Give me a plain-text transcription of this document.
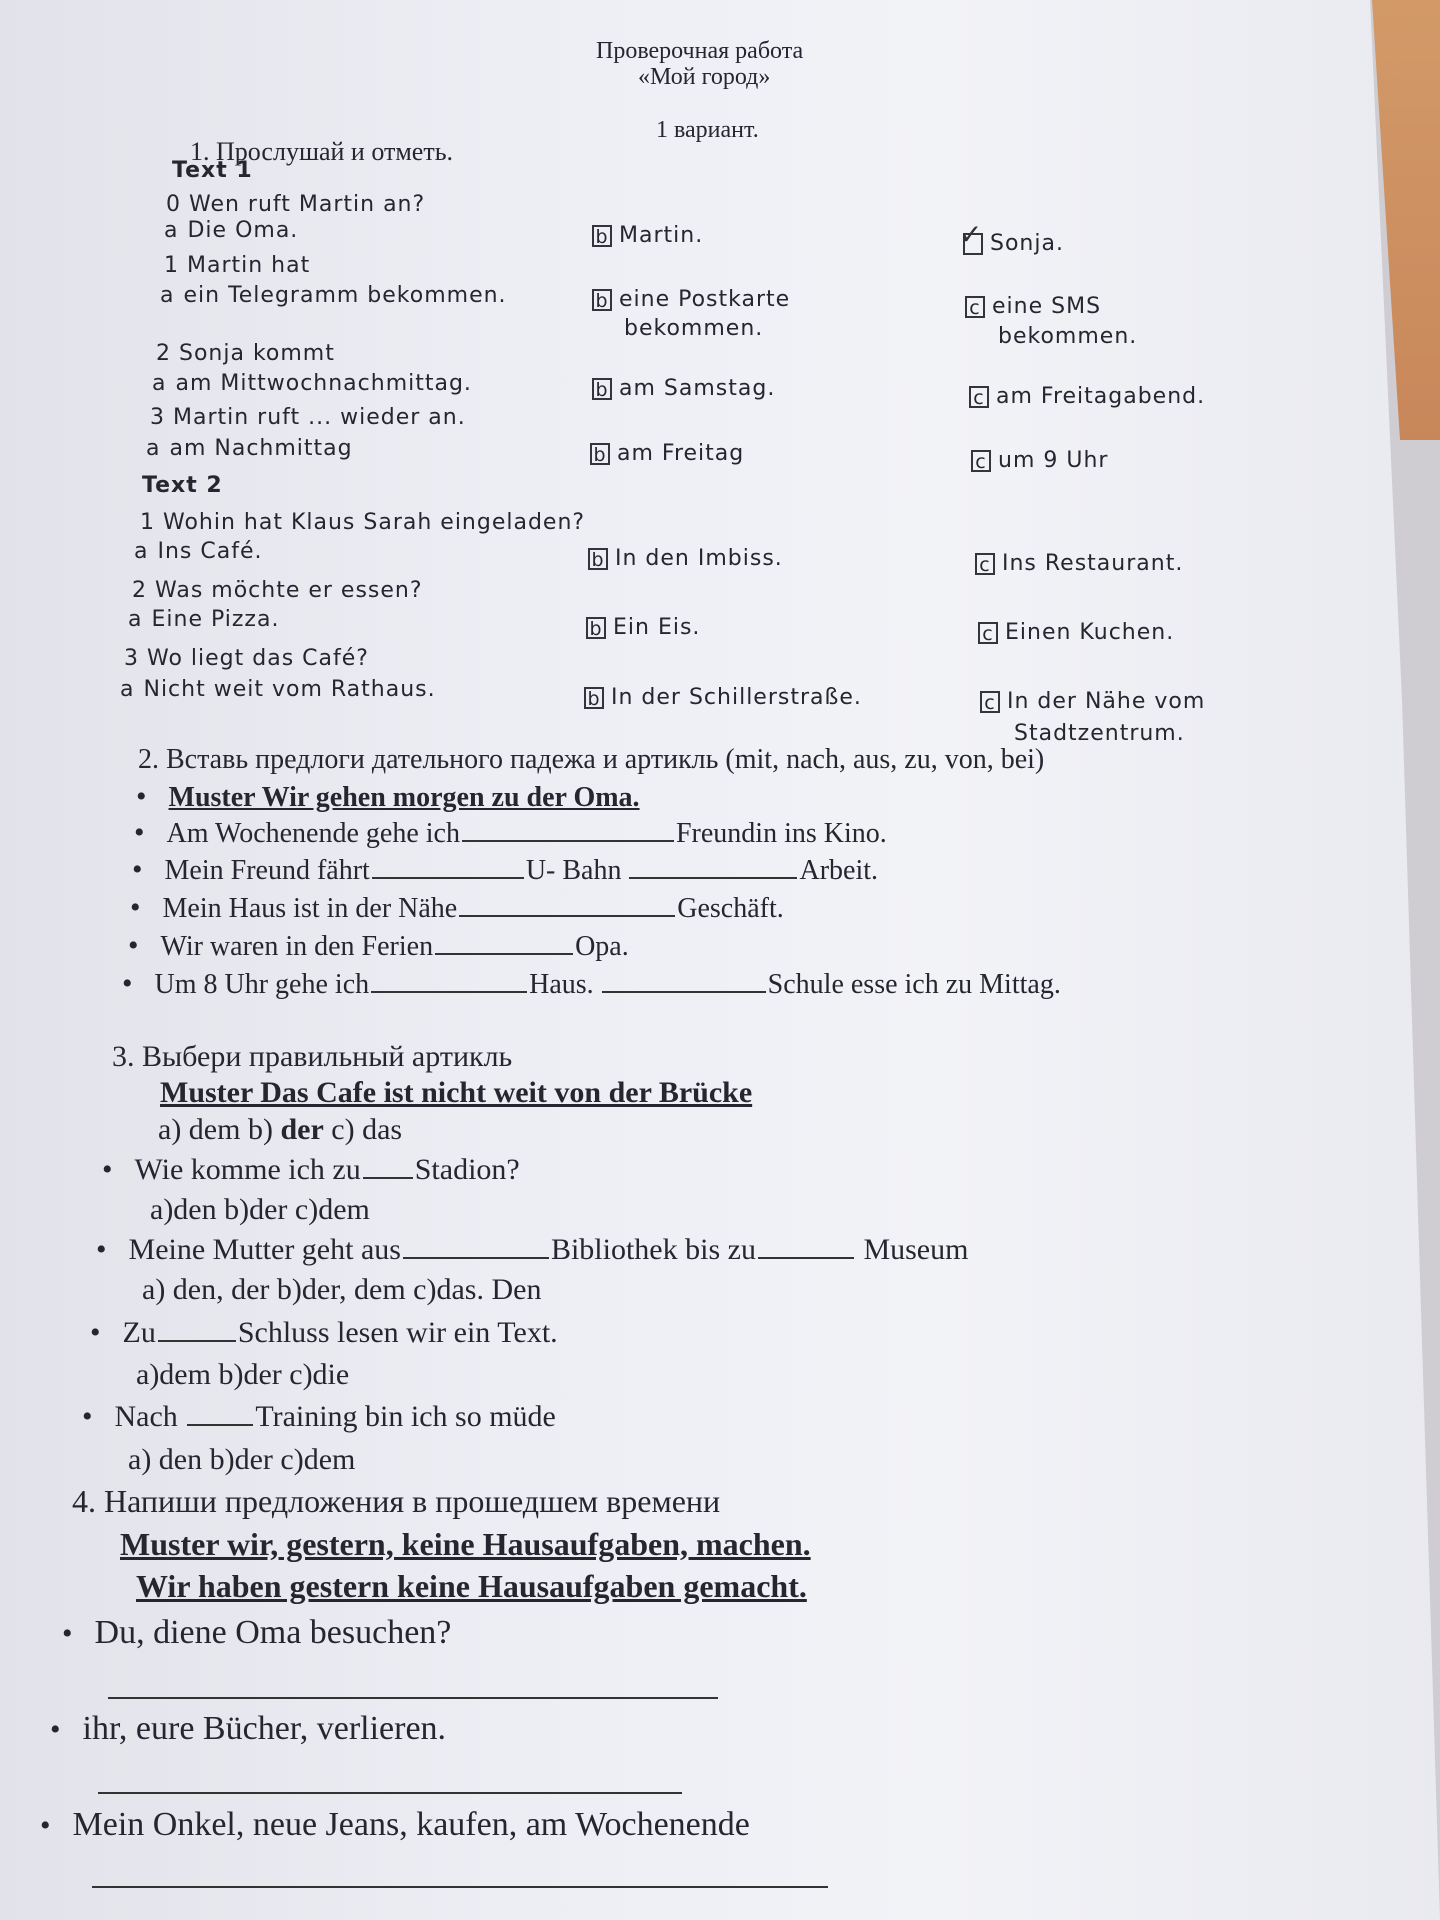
Проверочная работа
«Мой город»
1 вариант.
1. Прослушай и отметь.
Text 1
0 Wen ruft Martin an?
a Die Oma.	b Martin.	✓ Sonja.
1 Martin hat
a ein Telegramm bekommen.	b eine Postkarte
bekommen.
c eine SMS
bekommen.
2 Sonja kommt
a am Mittwochnachmittag.	b am Samstag.	c am Freitagabend.
3 Martin ruft ... wieder an.
a am Nachmittag	b am Freitag	c um 9 Uhr
Text 2
1 Wohin hat Klaus Sarah eingeladen?
a Ins Café.	b In den Imbiss.	c Ins Restaurant.
2 Was möchte er essen?
a Eine Pizza.	b Ein Eis.	c Einen Kuchen.
3 Wo liegt das Café?
a Nicht weit vom Rathaus.	b In der Schillerstraße.	c In der Nähe vom
Stadtzentrum.
2. Вставь предлоги дательного падежа и артикль (mit, nach, aus, zu, von, bei)
• Muster Wir gehen morgen zu der Oma.
• Am Wochenende gehe ich	Freundin ins Kino.
• Mein Freund fährt	U- Bahn	Arbeit.
• Mein Haus ist in der Nähe	Geschäft.
• Wir waren in den Ferien	Opa.
• Um 8 Uhr gehe ich	Haus.	Schule esse ich zu Mittag.
3. Выбери правильный артикль
Muster Das Cafe ist nicht weit von der Brücke
a) dem b) der c) das
• Wie komme ich zu Stadion?
a)den b)der c)dem
• Meine Mutter geht aus	Bibliothek bis zu	Museum
a) den, der b)der, dem c)das. Den
• Zu	Schluss lesen wir ein Text.
a)dem b)der c)die
• Nach Training bin ich so müde
a) den b)der c)dem
4. Напиши предложения в прошедшем времени
Muster wir, gestern, keine Hausaufgaben, machen.
Wir haben gestern keine Hausaufgaben gemacht.
• Du, diene Oma besuchen?
• ihr, eure Bücher, verlieren.
• Mein Onkel, neue Jeans, kaufen, am Wochenende
